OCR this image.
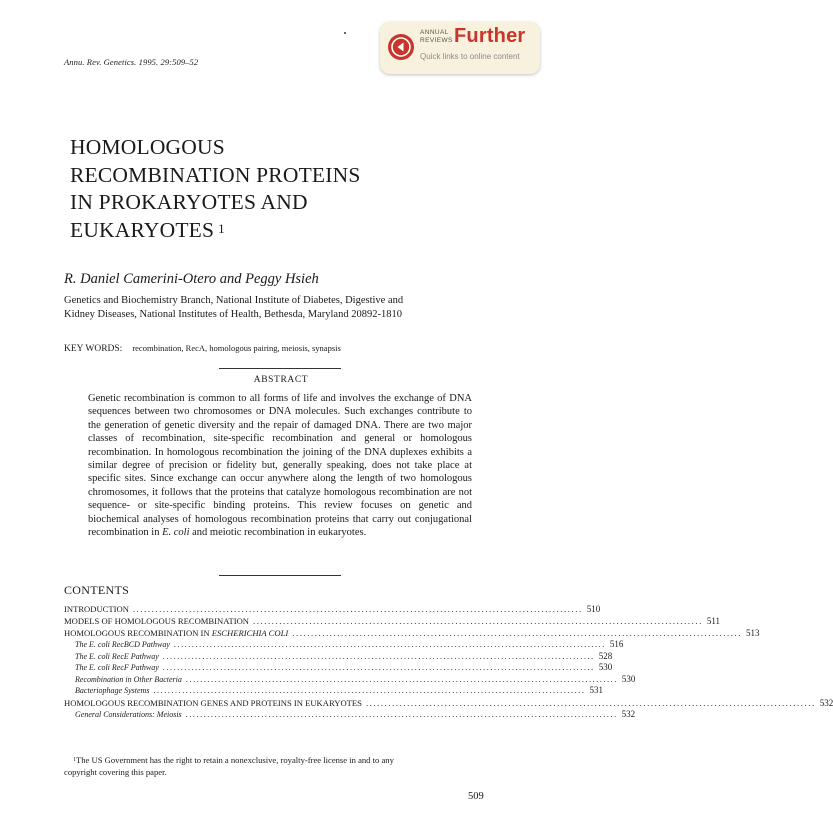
Annu. Rev. Genetics. 1995. 29:509–52
ANNUAL
REVIEWS Further
Quick links to online content
HOMOLOGOUS
RECOMBINATION PROTEINS
IN PROKARYOTES AND
EUKARYOTES $^1$
R. Daniel Camerini-Otero and Peggy Hsieh
Genetics and Biochemistry Branch, National Institute of Diabetes, Digestive and
Kidney Diseases, National Institutes of Health, Bethesda, Maryland 20892-1810
KEY WORDS: recombination, RecA, homologous pairing, meiosis, synapsis
ABSTRACT

Genetic recombination is common to all forms of life and involves the exchange of DNA sequences between two chromosomes or DNA molecules. Such exchanges contribute to the generation of genetic diversity and the repair of damaged DNA. There are two major classes of recombination, site-specific recombination and general or homologous recombination. In homologous recombination the joining of the DNA duplexes exhibits a similar degree of precision or fidelity but, generally speaking, does not take place at specific sites. Since exchange can occur anywhere along the length of two homologous chromosomes, it follows that the proteins that catalyze homologous recombination are not sequence- or site-specific binding proteins. This review focuses on genetic and biochemical analyses of homologous recombination proteins that carry out conjugational recombination in E. coli and meiotic recombination in eukaryotes.

CONTENTS
INTRODUCTION ........................................................................................................................ 510
MODELS OF HOMOLOGOUS RECOMBINATION ........................................................................................................................ 511
HOMOLOGOUS RECOMBINATION IN ESCHERICHIA COLI ........................................................................................................................ 513
The E. coli RecBCD Pathway ........................................................................................................................ 516
The E. coli RecE Pathway ........................................................................................................................ 528
The E. coli RecF Pathway ........................................................................................................................ 530
Recombination in Other Bacteria ........................................................................................................................ 530
Bacteriophage Systems ........................................................................................................................ 531
HOMOLOGOUS RECOMBINATION GENES AND PROTEINS IN EUKARYOTES ........................................................................................................................ 532
General Considerations: Meiosis ........................................................................................................................ 532
$^1$The US Government has the right to retain a nonexclusive, royalty-free license in and to any
copyright covering this paper.
509
